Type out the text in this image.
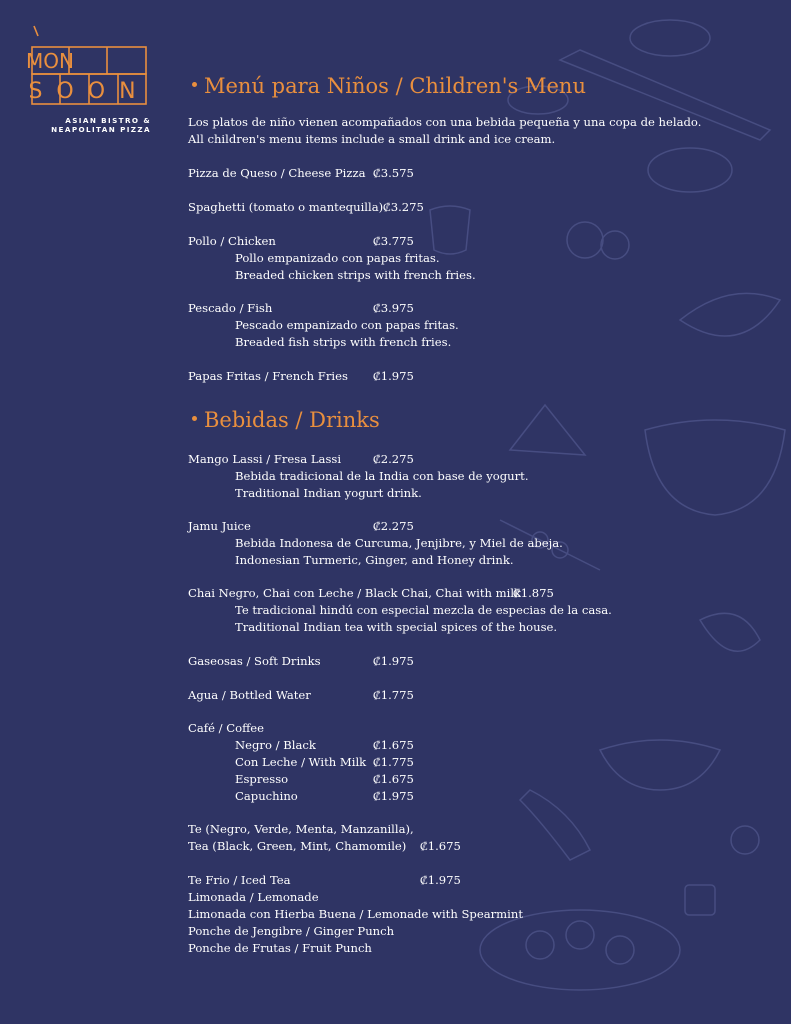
MON
SOON
ASIAN BISTRO &
NEAPOLITAN PIZZA
Menú para Niños / Children's Menu
Los platos de niño vienen acompañados con una bebida pequeña y una copa de helado.
All children's menu items include a small drink and ice cream.
Pizza de Queso / Cheese Pizza ₡3.575
Spaghetti (tomato o mantequilla) ₡3.275
Pollo / Chicken	₡3.775
Pollo empanizado con papas fritas.
Breaded chicken strips with french fries.
Pescado / Fish	₡3.975
Pescado empanizado con papas fritas.
Breaded fish strips with french fries.
Papas Fritas / French Fries ₡1.975
Bebidas / Drinks
Mango Lassi / Fresa Lassi	₡2.275
Bebida tradicional de la India con base de yogurt.
Traditional Indian yogurt drink.
Jamu Juice	₡2.275
Bebida Indonesa de Curcuma, Jenjibre, y Miel de abeja.
Indonesian Turmeric, Ginger, and Honey drink.
Chai Negro, Chai con Leche / Black Chai, Chai with milk
₡1.875
Te tradicional hindú con especial mezcla de especias de la casa.
Traditional Indian tea with special spices of the house.
Gaseosas / Soft Drinks	₡1.975
Agua / Bottled Water	₡1.775
Café / Coffee
Negro / Black	₡1.675
Con Leche / With Milk ₡1.775
Espresso	₡1.675
Capuchino	₡1.975
Te (Negro, Verde, Menta, Manzanilla),
Tea (Black, Green, Mint, Chamomile) ₡1.675
Te Frio / Iced Tea	₡1.975
Limonada / Lemonade
Limonada con Hierba Buena / Lemonade with Spearmint
Ponche de Jengibre / Ginger Punch
Ponche de Frutas / Fruit Punch
